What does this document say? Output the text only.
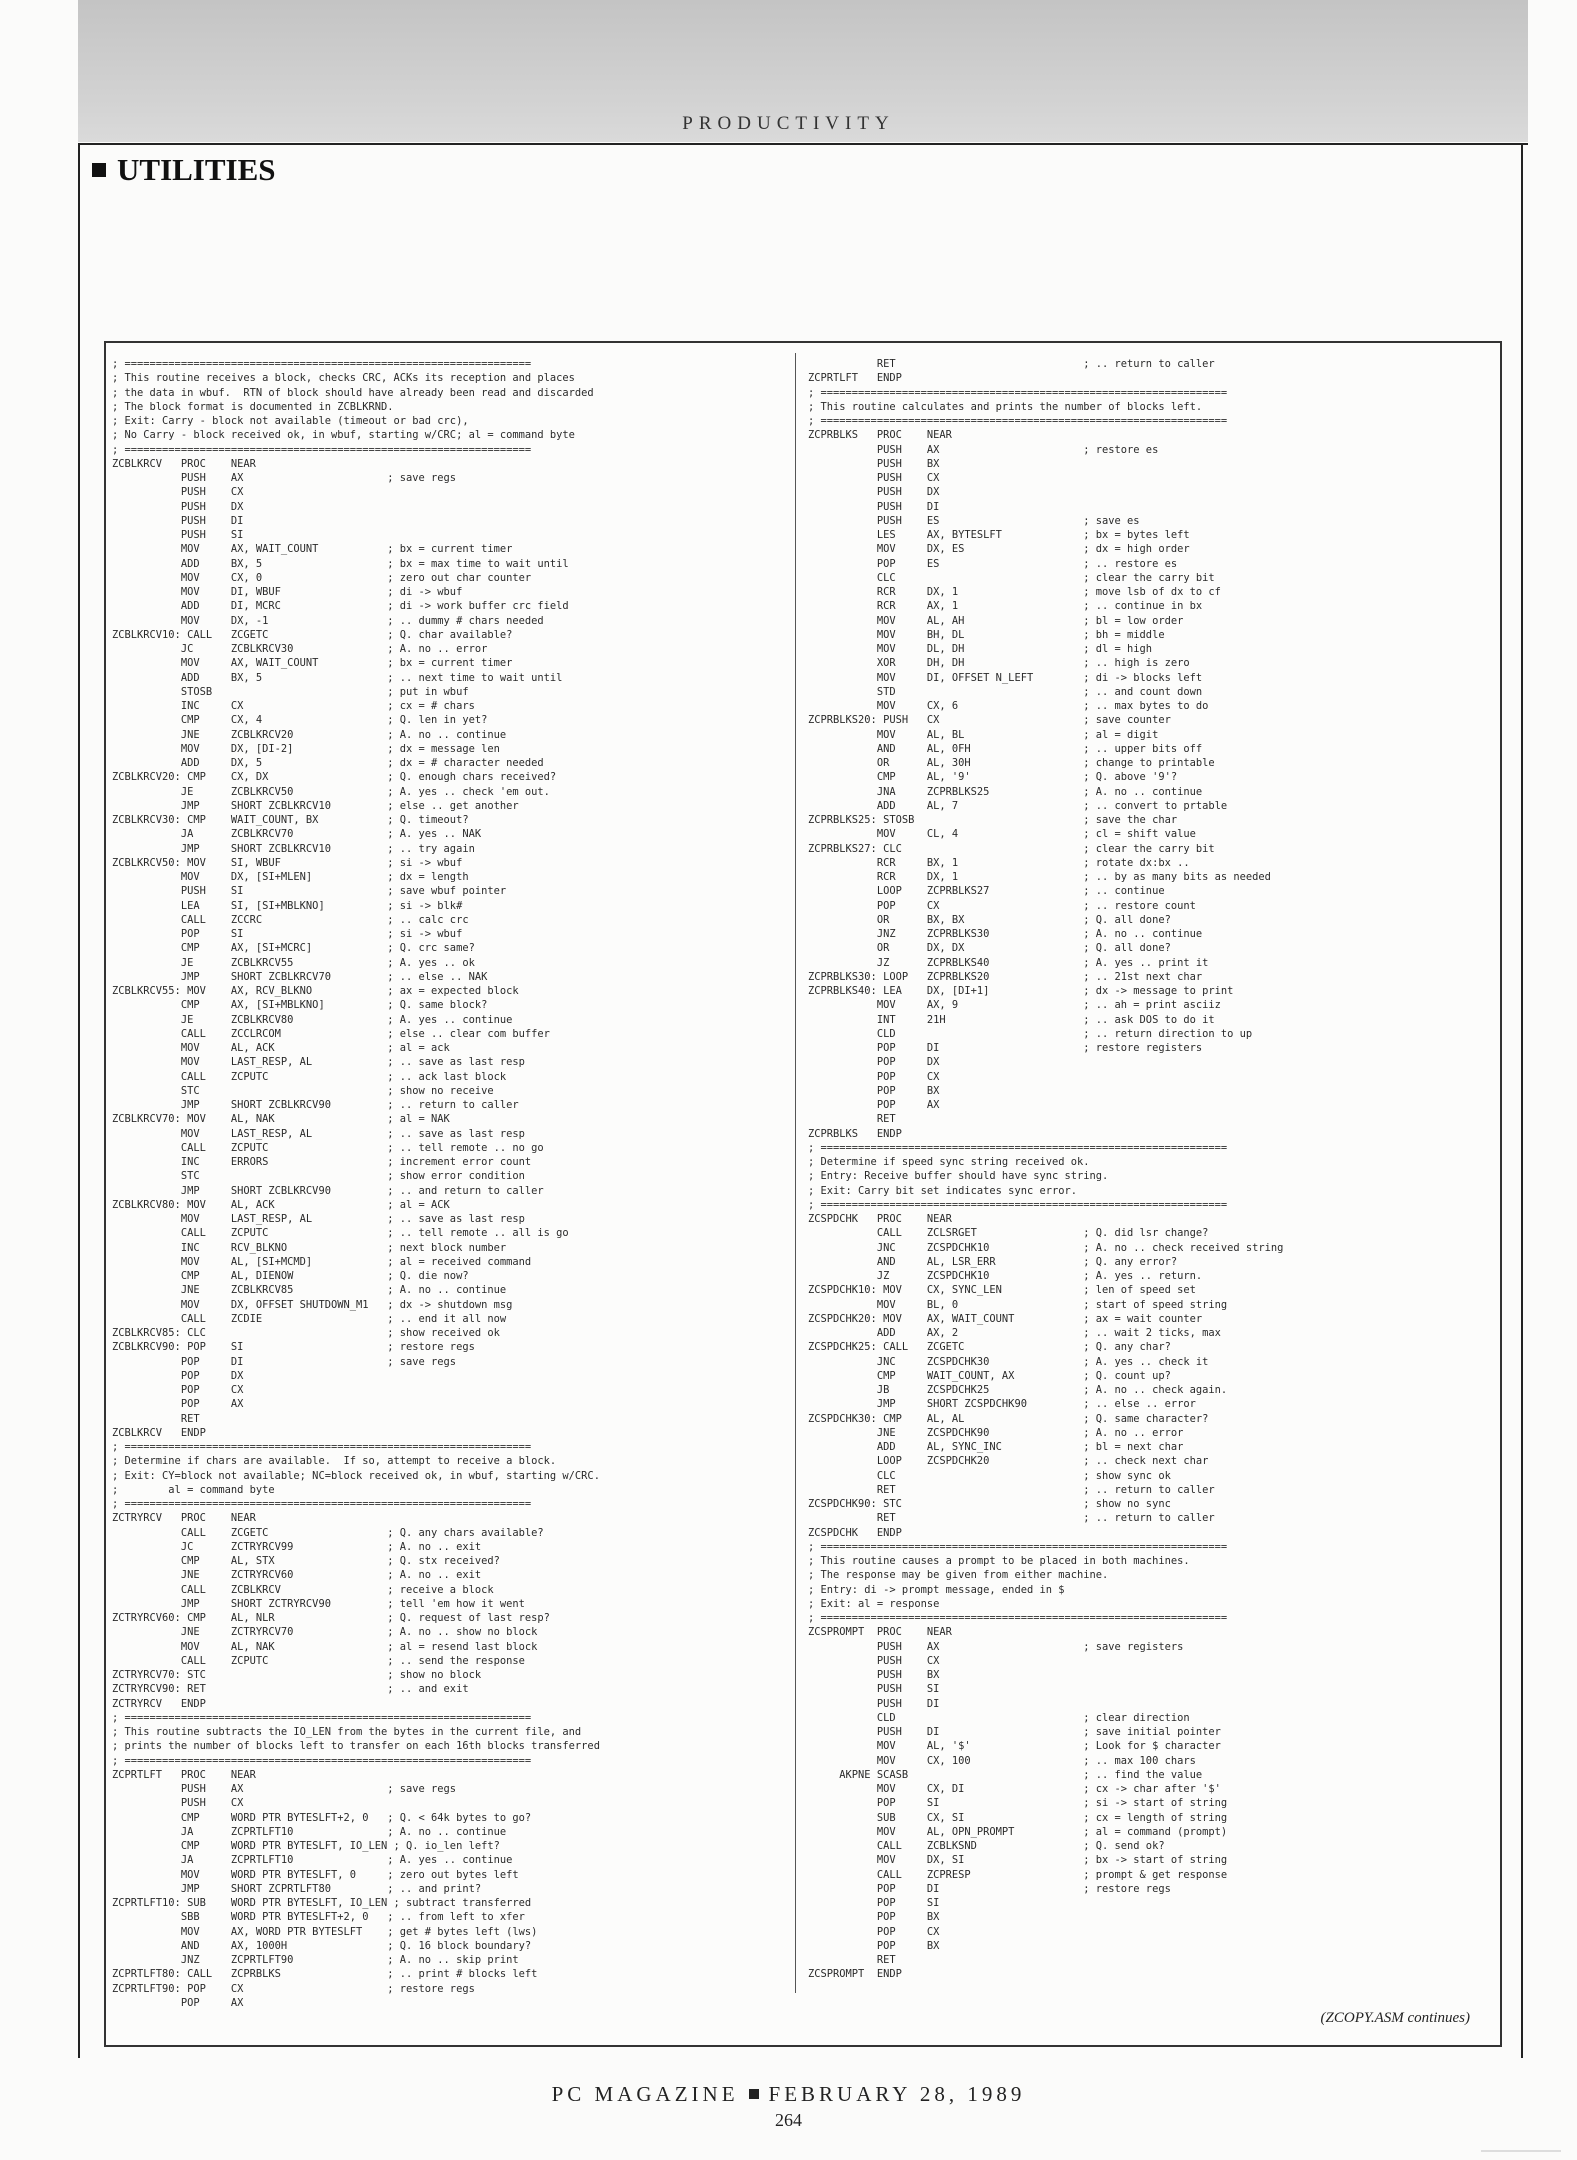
PRODUCTIVITY
UTILITIES
; =================================================================
; This routine receives a block, checks CRC, ACKs its reception and places
; the data in wbuf.  RTN of block should have already been read and discarded
; The block format is documented in ZCBLKRND.
; Exit: Carry - block not available (timeout or bad crc),
; No Carry - block received ok, in wbuf, starting w/CRC; al = command byte
; =================================================================
ZCBLKRCV   PROC    NEAR
PUSH    AX                       ; save regs
PUSH    CX
PUSH    DX
PUSH    DI
PUSH    SI
MOV     AX, WAIT_COUNT           ; bx = current timer
ADD     BX, 5                    ; bx = max time to wait until
MOV     CX, 0                    ; zero out char counter
MOV     DI, WBUF                 ; di -> wbuf
ADD     DI, MCRC                 ; di -> work buffer crc field
MOV     DX, -1                   ; .. dummy # chars needed
ZCBLKRCV10: CALL   ZCGETC                   ; Q. char available?
JC      ZCBLKRCV30               ; A. no .. error
MOV     AX, WAIT_COUNT           ; bx = current timer
ADD     BX, 5                    ; .. next time to wait until
STOSB                            ; put in wbuf
INC     CX                       ; cx = # chars
CMP     CX, 4                    ; Q. len in yet?
JNE     ZCBLKRCV20               ; A. no .. continue
MOV     DX, [DI-2]               ; dx = message len
ADD     DX, 5                    ; dx = # character needed
ZCBLKRCV20: CMP    CX, DX                   ; Q. enough chars received?
JE      ZCBLKRCV50               ; A. yes .. check 'em out.
JMP     SHORT ZCBLKRCV10         ; else .. get another
ZCBLKRCV30: CMP    WAIT_COUNT, BX           ; Q. timeout?
JA      ZCBLKRCV70               ; A. yes .. NAK
JMP     SHORT ZCBLKRCV10         ; .. try again
ZCBLKRCV50: MOV    SI, WBUF                 ; si -> wbuf
MOV     DX, [SI+MLEN]            ; dx = length
PUSH    SI                       ; save wbuf pointer
LEA     SI, [SI+MBLKNO]          ; si -> blk#
CALL    ZCCRC                    ; .. calc crc
POP     SI                       ; si -> wbuf
CMP     AX, [SI+MCRC]            ; Q. crc same?
JE      ZCBLKRCV55               ; A. yes .. ok
JMP     SHORT ZCBLKRCV70         ; .. else .. NAK
ZCBLKRCV55: MOV    AX, RCV_BLKNO            ; ax = expected block
CMP     AX, [SI+MBLKNO]          ; Q. same block?
JE      ZCBLKRCV80               ; A. yes .. continue
CALL    ZCCLRCOM                 ; else .. clear com buffer
MOV     AL, ACK                  ; al = ack
MOV     LAST_RESP, AL            ; .. save as last resp
CALL    ZCPUTC                   ; .. ack last block
STC                              ; show no receive
JMP     SHORT ZCBLKRCV90         ; .. return to caller
ZCBLKRCV70: MOV    AL, NAK                  ; al = NAK
MOV     LAST_RESP, AL            ; .. save as last resp
CALL    ZCPUTC                   ; .. tell remote .. no go
INC     ERRORS                   ; increment error count
STC                              ; show error condition
JMP     SHORT ZCBLKRCV90         ; .. and return to caller
ZCBLKRCV80: MOV    AL, ACK                  ; al = ACK
MOV     LAST_RESP, AL            ; .. save as last resp
CALL    ZCPUTC                   ; .. tell remote .. all is go
INC     RCV_BLKNO                ; next block number
MOV     AL, [SI+MCMD]            ; al = received command
CMP     AL, DIENOW               ; Q. die now?
JNE     ZCBLKRCV85               ; A. no .. continue
MOV     DX, OFFSET SHUTDOWN_M1   ; dx -> shutdown msg
CALL    ZCDIE                    ; .. end it all now
ZCBLKRCV85: CLC                             ; show received ok
ZCBLKRCV90: POP    SI                       ; restore regs
POP     DI                       ; save regs
POP     DX
POP     CX
POP     AX
RET
ZCBLKRCV   ENDP
; =================================================================
; Determine if chars are available.  If so, attempt to receive a block.
; Exit: CY=block not available; NC=block received ok, in wbuf, starting w/CRC.
;        al = command byte
; =================================================================
ZCTRYRCV   PROC    NEAR
CALL    ZCGETC                   ; Q. any chars available?
JC      ZCTRYRCV99               ; A. no .. exit
CMP     AL, STX                  ; Q. stx received?
JNE     ZCTRYRCV60               ; A. no .. exit
CALL    ZCBLKRCV                 ; receive a block
JMP     SHORT ZCTRYRCV90         ; tell 'em how it went
ZCTRYRCV60: CMP    AL, NLR                  ; Q. request of last resp?
JNE     ZCTRYRCV70               ; A. no .. show no block
MOV     AL, NAK                  ; al = resend last block
CALL    ZCPUTC                   ; .. send the response
ZCTRYRCV70: STC                             ; show no block
ZCTRYRCV90: RET                             ; .. and exit
ZCTRYRCV   ENDP
; =================================================================
; This routine subtracts the IO_LEN from the bytes in the current file, and
; prints the number of blocks left to transfer on each 16th blocks transferred
; =================================================================
ZCPRTLFT   PROC    NEAR
PUSH    AX                       ; save regs
PUSH    CX
CMP     WORD PTR BYTESLFT+2, 0   ; Q. < 64k bytes to go?
JA      ZCPRTLFT10               ; A. no .. continue
CMP     WORD PTR BYTESLFT, IO_LEN ; Q. io_len left?
JA      ZCPRTLFT10               ; A. yes .. continue
MOV     WORD PTR BYTESLFT, 0     ; zero out bytes left
JMP     SHORT ZCPRTLFT80         ; .. and print?
ZCPRTLFT10: SUB    WORD PTR BYTESLFT, IO_LEN ; subtract transferred
SBB     WORD PTR BYTESLFT+2, 0   ; .. from left to xfer
MOV     AX, WORD PTR BYTESLFT    ; get # bytes left (lws)
AND     AX, 1000H                ; Q. 16 block boundary?
JNZ     ZCPRTLFT90               ; A. no .. skip print
ZCPRTLFT80: CALL   ZCPRBLKS                 ; .. print # blocks left
ZCPRTLFT90: POP    CX                       ; restore regs
POP     AX
RET                              ; .. return to caller
ZCPRTLFT   ENDP
; =================================================================
; This routine calculates and prints the number of blocks left.
; =================================================================
ZCPRBLKS   PROC    NEAR
PUSH    AX                       ; restore es
PUSH    BX
PUSH    CX
PUSH    DX
PUSH    DI
PUSH    ES                       ; save es
LES     AX, BYTESLFT             ; bx = bytes left
MOV     DX, ES                   ; dx = high order
POP     ES                       ; .. restore es
CLC                              ; clear the carry bit
RCR     DX, 1                    ; move lsb of dx to cf
RCR     AX, 1                    ; .. continue in bx
MOV     AL, AH                   ; bl = low order
MOV     BH, DL                   ; bh = middle
MOV     DL, DH                   ; dl = high
XOR     DH, DH                   ; .. high is zero
MOV     DI, OFFSET N_LEFT        ; di -> blocks left
STD                              ; .. and count down
MOV     CX, 6                    ; .. max bytes to do
ZCPRBLKS20: PUSH   CX                       ; save counter
MOV     AL, BL                   ; al = digit
AND     AL, 0FH                  ; .. upper bits off
OR      AL, 30H                  ; change to printable
CMP     AL, '9'                  ; Q. above '9'?
JNA     ZCPRBLKS25               ; A. no .. continue
ADD     AL, 7                    ; .. convert to prtable
ZCPRBLKS25: STOSB                           ; save the char
MOV     CL, 4                    ; cl = shift value
ZCPRBLKS27: CLC                             ; clear the carry bit
RCR     BX, 1                    ; rotate dx:bx ..
RCR     DX, 1                    ; .. by as many bits as needed
LOOP    ZCPRBLKS27               ; .. continue
POP     CX                       ; .. restore count
OR      BX, BX                   ; Q. all done?
JNZ     ZCPRBLKS30               ; A. no .. continue
OR      DX, DX                   ; Q. all done?
JZ      ZCPRBLKS40               ; A. yes .. print it
ZCPRBLKS30: LOOP   ZCPRBLKS20               ; .. 21st next char
ZCPRBLKS40: LEA    DX, [DI+1]               ; dx -> message to print
MOV     AX, 9                    ; .. ah = print asciiz
INT     21H                      ; .. ask DOS to do it
CLD                              ; .. return direction to up
POP     DI                       ; restore registers
POP     DX
POP     CX
POP     BX
POP     AX
RET
ZCPRBLKS   ENDP
; =================================================================
; Determine if speed sync string received ok.
; Entry: Receive buffer should have sync string.
; Exit: Carry bit set indicates sync error.
; =================================================================
ZCSPDCHK   PROC    NEAR
CALL    ZCLSRGET                 ; Q. did lsr change?
JNC     ZCSPDCHK10               ; A. no .. check received string
AND     AL, LSR_ERR              ; Q. any error?
JZ      ZCSPDCHK10               ; A. yes .. return.
ZCSPDCHK10: MOV    CX, SYNC_LEN             ; len of speed set
MOV     BL, 0                    ; start of speed string
ZCSPDCHK20: MOV    AX, WAIT_COUNT           ; ax = wait counter
ADD     AX, 2                    ; .. wait 2 ticks, max
ZCSPDCHK25: CALL   ZCGETC                   ; Q. any char?
JNC     ZCSPDCHK30               ; A. yes .. check it
CMP     WAIT_COUNT, AX           ; Q. count up?
JB      ZCSPDCHK25               ; A. no .. check again.
JMP     SHORT ZCSPDCHK90         ; .. else .. error
ZCSPDCHK30: CMP    AL, AL                   ; Q. same character?
JNE     ZCSPDCHK90               ; A. no .. error
ADD     AL, SYNC_INC             ; bl = next char
LOOP    ZCSPDCHK20               ; .. check next char
CLC                              ; show sync ok
RET                              ; .. return to caller
ZCSPDCHK90: STC                             ; show no sync
RET                              ; .. return to caller
ZCSPDCHK   ENDP
; =================================================================
; This routine causes a prompt to be placed in both machines.
; The response may be given from either machine.
; Entry: di -> prompt message, ended in $
; Exit: al = response
; =================================================================
ZCSPROMPT  PROC    NEAR
PUSH    AX                       ; save registers
PUSH    CX
PUSH    BX
PUSH    SI
PUSH    DI
CLD                              ; clear direction
PUSH    DI                       ; save initial pointer
MOV     AL, '$'                  ; Look for $ character
MOV     CX, 100                  ; .. max 100 chars
AKPNE SCASB                            ; .. find the value
MOV     CX, DI                   ; cx -> char after '$'
POP     SI                       ; si -> start of string
SUB     CX, SI                   ; cx = length of string
MOV     AL, OPN_PROMPT           ; al = command (prompt)
CALL    ZCBLKSND                 ; Q. send ok?
MOV     DX, SI                   ; bx -> start of string
CALL    ZCPRESP                  ; prompt & get response
POP     DI                       ; restore regs
POP     SI
POP     BX
POP     CX
POP     BX
RET
ZCSPROMPT  ENDP
(ZCOPY.ASM continues)
PC MAGAZINE FEBRUARY 28, 1989
264
